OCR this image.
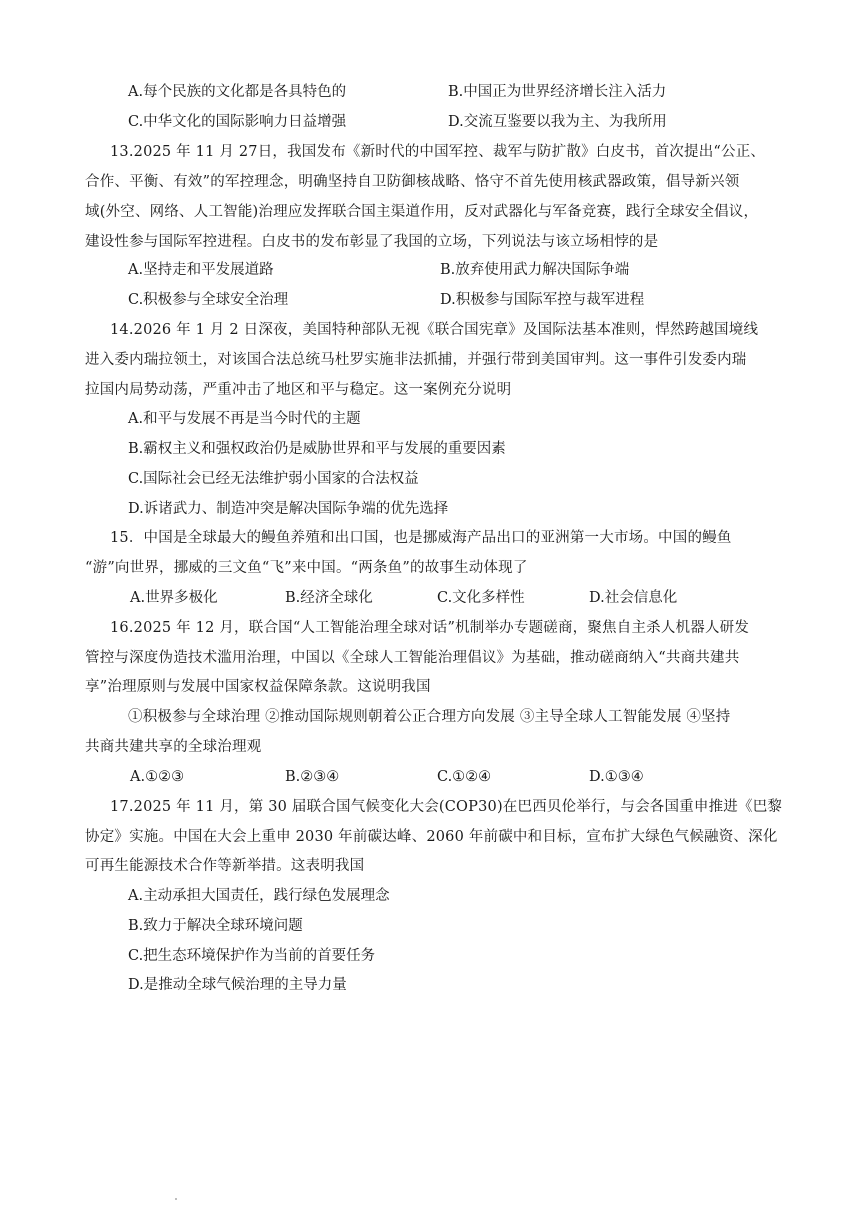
A.每个民族的文化都是各具特色的	B.中国正为世界经济增长注入活力
C.中华文化的国际影响力日益增强	D.交流互鉴要以我为主、为我所用
13.2025 年 11 月 27日，我国发布《新时代的中国军控、裁军与防扩散》白皮书，首次提出“公正、
合作、平衡、有效”的军控理念，明确坚持自卫防御核战略、恪守不首先使用核武器政策，倡导新兴领
域(外空、网络、人工智能)治理应发挥联合国主渠道作用，反对武器化与军备竞赛，践行全球安全倡议，
建设性参与国际军控进程。白皮书的发布彰显了我国的立场，下列说法与该立场相悖的是
A.坚持走和平发展道路	B.放弃使用武力解决国际争端
C.积极参与全球安全治理	D.积极参与国际军控与裁军进程
14.2026 年 1 月 2 日深夜，美国特种部队无视《联合国宪章》及国际法基本准则，悍然跨越国境线
进入委内瑞拉领土，对该国合法总统马杜罗实施非法抓捕，并强行带到美国审判。这一事件引发委内瑞
拉国内局势动荡，严重冲击了地区和平与稳定。这一案例充分说明
A.和平与发展不再是当今时代的主题
B.霸权主义和强权政治仍是威胁世界和平与发展的重要因素
C.国际社会已经无法维护弱小国家的合法权益
D.诉诸武力、制造冲突是解决国际争端的优先选择
15．中国是全球最大的鳗鱼养殖和出口国，也是挪威海产品出口的亚洲第一大市场。中国的鳗鱼
“游”向世界，挪威的三文鱼“飞”来中国。“两条鱼”的故事生动体现了
A.世界多极化	B.经济全球化	C.文化多样性	D.社会信息化
16.2025 年 12 月，联合国“人工智能治理全球对话”机制举办专题磋商，聚焦自主杀人机器人研发
管控与深度伪造技术滥用治理，中国以《全球人工智能治理倡议》为基础，推动磋商纳入“共商共建共
享”治理原则与发展中国家权益保障条款。这说明我国
①积极参与全球治理 ②推动国际规则朝着公正合理方向发展 ③主导全球人工智能发展 ④坚持
共商共建共享的全球治理观
A.①②③	B.②③④	C.①②④	D.①③④
17.2025 年 11 月，第 30 届联合国气候变化大会(COP30)在巴西贝伦举行，与会各国重申推进《巴黎
协定》实施。中国在大会上重申 2030 年前碳达峰、2060 年前碳中和目标，宣布扩大绿色气候融资、深化
可再生能源技术合作等新举措。这表明我国
A.主动承担大国责任，践行绿色发展理念
B.致力于解决全球环境问题
C.把生态环境保护作为当前的首要任务
D.是推动全球气候治理的主导力量
